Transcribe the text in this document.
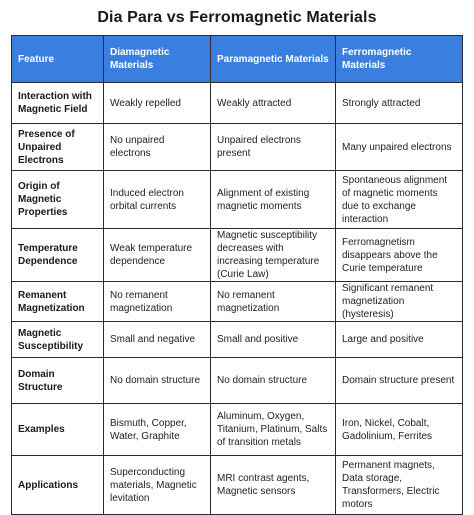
Dia Para vs Ferromagnetic Materials
Feature	Diamagnetic Materials	Paramagnetic Materials	Ferromagnetic Materials
Interaction with Magnetic Field	Weakly repelled	Weakly attracted	Strongly attracted
Presence of Unpaired Electrons	No unpaired electrons	Unpaired electrons present	Many unpaired electrons
Origin of Magnetic Properties	Induced electron orbital currents	Alignment of existing magnetic moments	Spontaneous alignment of magnetic moments due to exchange interaction
Temperature Dependence	Weak temperature dependence	Magnetic susceptibility decreases with increasing temperature (Curie Law)	Ferromagnetism disappears above the Curie temperature
Remanent Magnetization	No remanent magnetization	No remanent magnetization	Significant remanent magnetization (hysteresis)
Magnetic Susceptibility	Small and negative	Small and positive	Large and positive
Domain Structure	No domain structure	No domain structure	Domain structure present
Examples	Bismuth, Copper, Water, Graphite	Aluminum, Oxygen, Titanium, Platinum, Salts of transition metals	Iron, Nickel, Cobalt, Gadolinium, Ferrites
Applications	Superconducting materials, Magnetic levitation	MRI contrast agents, Magnetic sensors	Permanent magnets, Data storage, Transformers, Electric motors
